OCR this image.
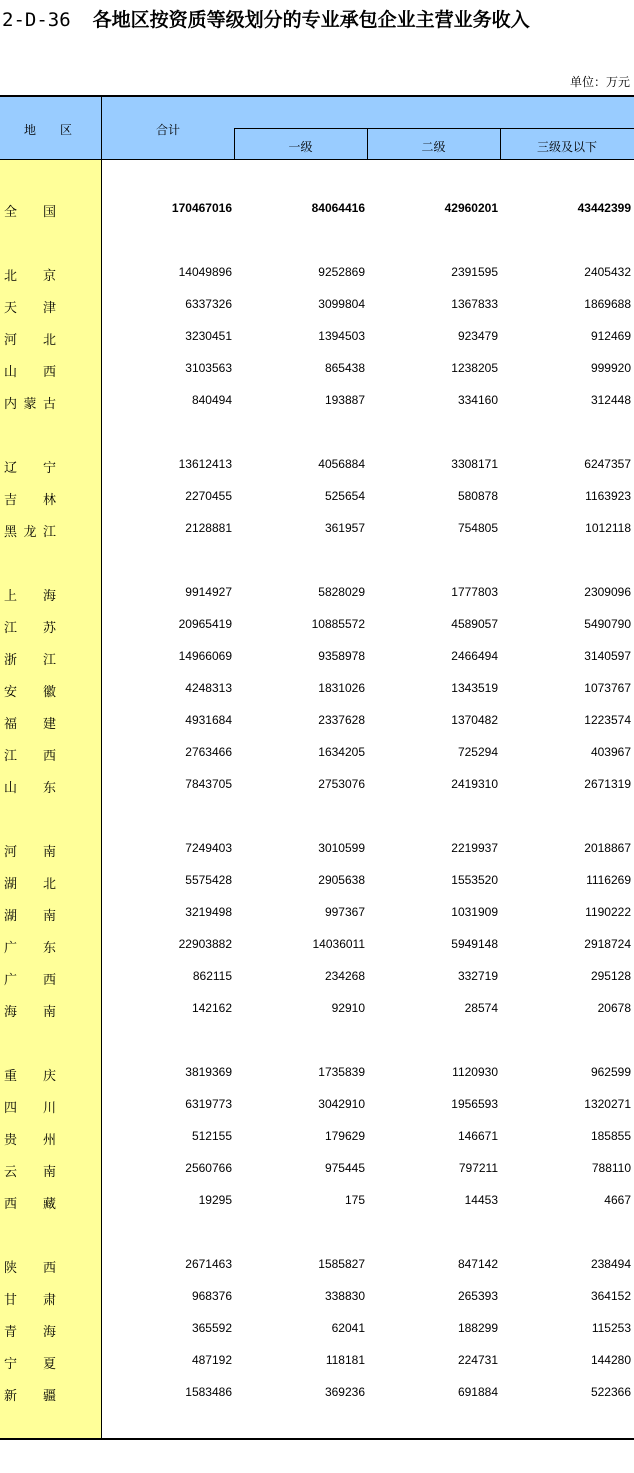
2-D-36 各地区按资质等级划分的专业承包企业主营业务收入
单位：万元
地　　区	合计
一级	二级	三级及以下
全国	170467016	84064416	42960201	43442399
北京	14049896	9252869	2391595	2405432
天津	6337326	3099804	1367833	1869688
河北	3230451	1394503	923479	912469
山西	3103563	865438	1238205	999920
内蒙古	840494	193887	334160	312448
辽宁	13612413	4056884	3308171	6247357
吉林	2270455	525654	580878	1163923
黑龙江	2128881	361957	754805	1012118
上海	9914927	5828029	1777803	2309096
江苏	20965419	10885572	4589057	5490790
浙江	14966069	9358978	2466494	3140597
安徽	4248313	1831026	1343519	1073767
福建	4931684	2337628	1370482	1223574
江西	2763466	1634205	725294	403967
山东	7843705	2753076	2419310	2671319
河南	7249403	3010599	2219937	2018867
湖北	5575428	2905638	1553520	1116269
湖南	3219498	997367	1031909	1190222
广东	22903882	14036011	5949148	2918724
广西	862115	234268	332719	295128
海南	142162	92910	28574	20678
重庆	3819369	1735839	1120930	962599
四川	6319773	3042910	1956593	1320271
贵州	512155	179629	146671	185855
云南	2560766	975445	797211	788110
西藏	19295	175	14453	4667
陕西	2671463	1585827	847142	238494
甘肃	968376	338830	265393	364152
青海	365592	62041	188299	115253
宁夏	487192	118181	224731	144280
新疆	1583486	369236	691884	522366
